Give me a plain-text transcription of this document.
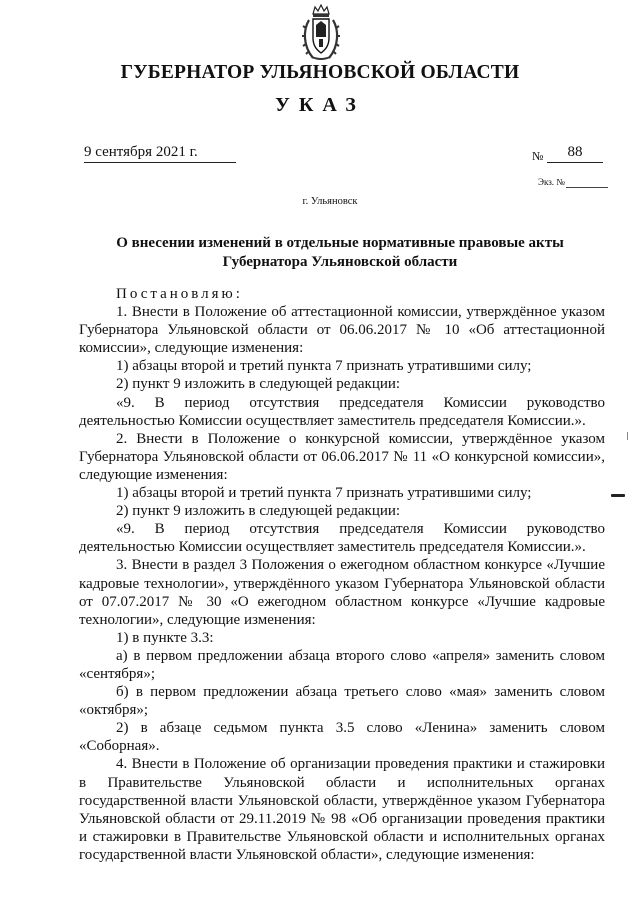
ГУБЕРНАТОР УЛЬЯНОВСКОЙ ОБЛАСТИ
УКАЗ
9 сентября 2021 г.	№	88
Экз. №
г. Ульяновск
О внесении изменений в отдельные нормативные правовые акты
Губернатора Ульяновской области

Постановляю:

1. Внести в Положение об аттестационной комиссии, утверждённое указом Губернатора Ульяновской области от 06.06.2017 № 10 «Об аттестационной комиссии», следующие изменения:

1) абзацы второй и третий пункта 7 признать утратившими силу;

2) пункт 9 изложить в следующей редакции:

«9. В период отсутствия председателя Комиссии руководство деятельностью Комиссии осуществляет заместитель председателя Комиссии.».

2. Внести в Положение о конкурсной комиссии, утверждённое указом Губернатора Ульяновской области от 06.06.2017 № 11 «О конкурсной комиссии», следующие изменения:

1) абзацы второй и третий пункта 7 признать утратившими силу;

2) пункт 9 изложить в следующей редакции:

«9. В период отсутствия председателя Комиссии руководство деятельностью Комиссии осуществляет заместитель председателя Комиссии.».

3. Внести в раздел 3 Положения о ежегодном областном конкурсе «Лучшие кадровые технологии», утверждённого указом Губернатора Ульяновской области от 07.07.2017 № 30 «О ежегодном областном конкурсе «Лучшие кадровые технологии», следующие изменения:

1) в пункте 3.3:

а) в первом предложении абзаца второго слово «апреля» заменить словом «сентября»;

б) в первом предложении абзаца третьего слово «мая» заменить словом «октября»;

2) в абзаце седьмом пункта 3.5 слово «Ленина» заменить словом «Соборная».

4. Внести в Положение об организации проведения практики и стажировки в Правительстве Ульяновской области и исполнительных органах государственной власти Ульяновской области, утверждённое указом Губернатора Ульяновской области от 29.11.2019 № 98 «Об организации проведения практики и стажировки в Правительстве Ульяновской области и исполнительных органах государственной власти Ульяновской области», следующие изменения:
